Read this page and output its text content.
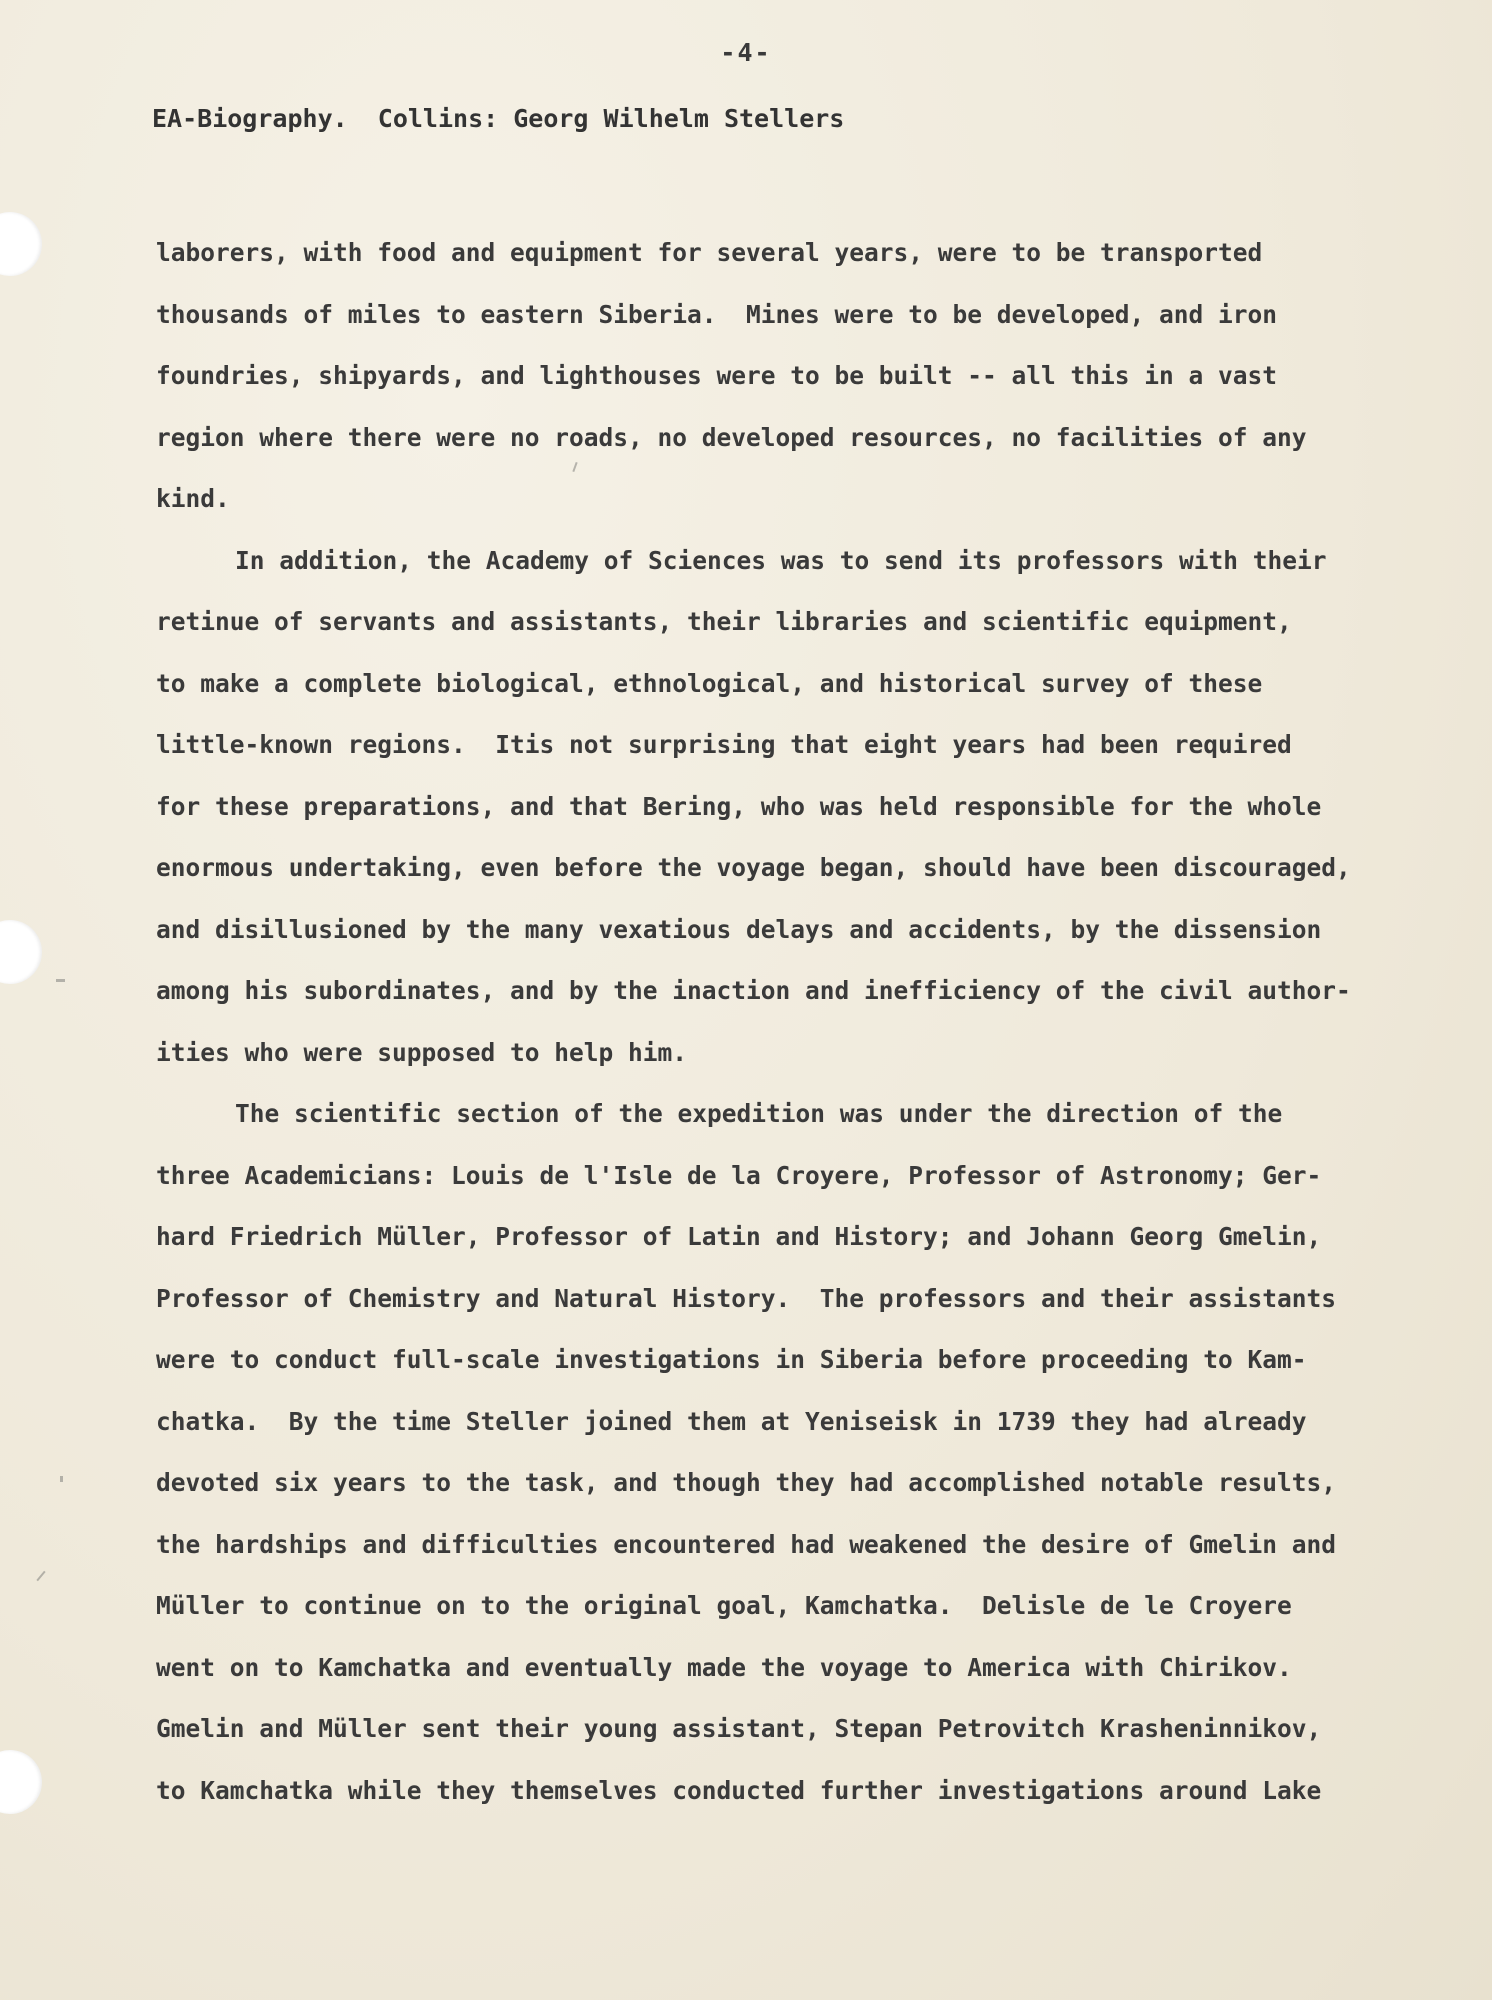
-4-
EA-Biography.  Collins: Georg Wilhelm Stellers
laborers, with food and equipment for several years, were to be transported
thousands of miles to eastern Siberia.  Mines were to be developed, and iron
foundries, shipyards, and lighthouses were to be built -- all this in a vast
region where there were no roads, no developed resources, no facilities of any
kind.
In addition, the Academy of Sciences was to send its professors with their
retinue of servants and assistants, their libraries and scientific equipment,
to make a complete biological, ethnological, and historical survey of these
little-known regions.  Itis not surprising that eight years had been required
for these preparations, and that Bering, who was held responsible for the whole
enormous undertaking, even before the voyage began, should have been discouraged,
and disillusioned by the many vexatious delays and accidents, by the dissension
among his subordinates, and by the inaction and inefficiency of the civil author-
ities who were supposed to help him.
The scientific section of the expedition was under the direction of the
three Academicians: Louis de l'Isle de la Croyere, Professor of Astronomy; Ger-
hard Friedrich Müller, Professor of Latin and History; and Johann Georg Gmelin,
Professor of Chemistry and Natural History.  The professors and their assistants
were to conduct full-scale investigations in Siberia before proceeding to Kam-
chatka.  By the time Steller joined them at Yeniseisk in 1739 they had already
devoted six years to the task, and though they had accomplished notable results,
the hardships and difficulties encountered had weakened the desire of Gmelin and
Müller to continue on to the original goal, Kamchatka.  Delisle de le Croyere
went on to Kamchatka and eventually made the voyage to America with Chirikov.
Gmelin and Müller sent their young assistant, Stepan Petrovitch Krasheninnikov,
to Kamchatka while they themselves conducted further investigations around Lake
